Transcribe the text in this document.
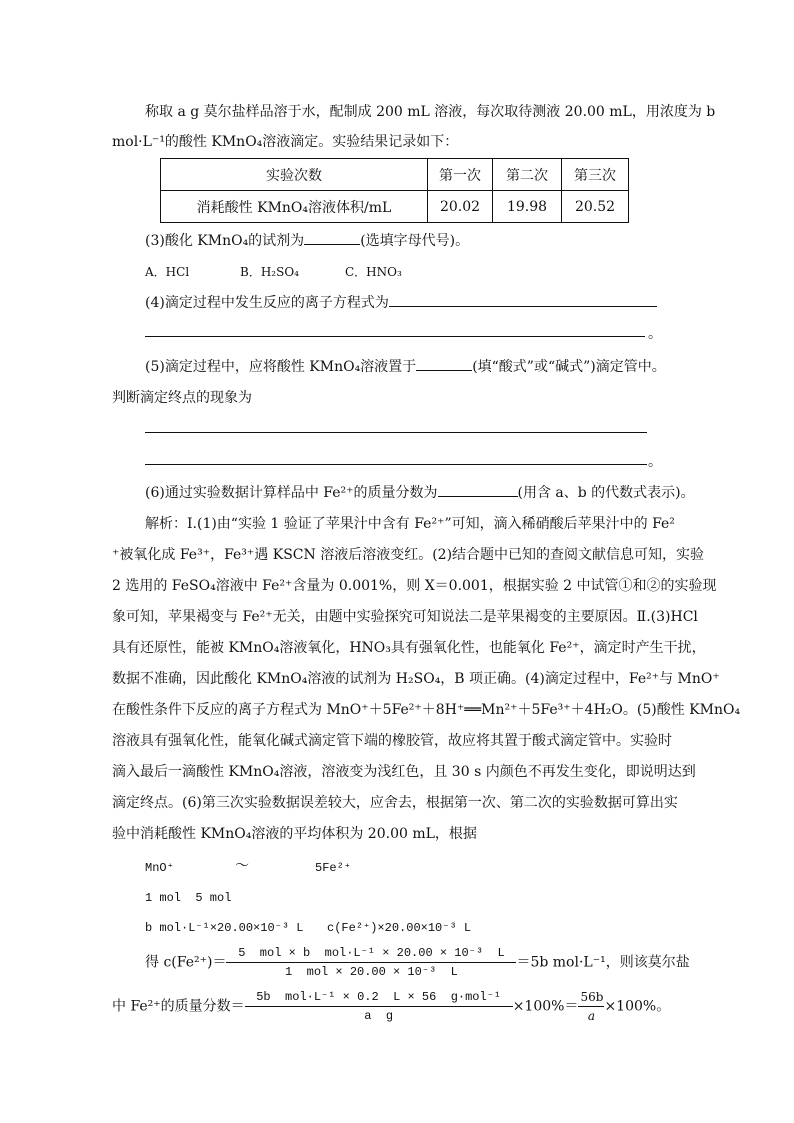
称取 a g 莫尔盐样品溶于水，配制成 200 mL 溶液，每次取待测液 20.00 mL，用浓度为 b
mol·L⁻¹的酸性 KMnO₄溶液滴定。实验结果记录如下：
实验次数	第一次	第二次	第三次
消耗酸性 KMnO₄溶液体积/mL	20.02	19.98	20.52
(3)酸化 KMnO₄的试剂为	(选填字母代号)。
A．HCl	B．H₂SO₄	C．HNO₃
(4)滴定过程中发生反应的离子方程式为
。
(5)滴定过程中，应将酸性 KMnO₄溶液置于	(填“酸式”或“碱式”)滴定管中。
判断滴定终点的现象为
。
(6)通过实验数据计算样品中 Fe²⁺的质量分数为	(用含 a、b 的代数式表示)。
解析：Ⅰ.(1)由“实验 1 验证了苹果汁中含有 Fe²⁺”可知，滴入稀硝酸后苹果汁中的 Fe²
⁺被氧化成 Fe³⁺，Fe³⁺遇 KSCN 溶液后溶液变红。(2)结合题中已知的查阅文献信息可知，实验
2 选用的 FeSO₄溶液中 Fe²⁺含量为 0.001%，则 X＝0.001，根据实验 2 中试管①和②的实验现
象可知，苹果褐变与 Fe²⁺无关，由题中实验探究可知说法二是苹果褐变的主要原因。Ⅱ.(3)HCl
具有还原性，能被 KMnO₄溶液氧化，HNO₃具有强氧化性，也能氧化 Fe²⁺，滴定时产生干扰，
数据不准确，因此酸化 KMnO₄溶液的试剂为 H₂SO₄，B 项正确。(4)滴定过程中，Fe²⁺与 MnO⁺
在酸性条件下反应的离子方程式为 MnO⁺＋5Fe²⁺＋8H⁺══Mn²⁺＋5Fe³⁺＋4H₂O。(5)酸性 KMnO₄
溶液具有强氧化性，能氧化碱式滴定管下端的橡胶管，故应将其置于酸式滴定管中。实验时
滴入最后一滴酸性 KMnO₄溶液，溶液变为浅红色，且 30 s 内颜色不再发生变化，即说明达到
滴定终点。(6)第三次实验数据误差较大，应舍去，根据第一次、第二次的实验数据可算出实
验中消耗酸性 KMnO₄溶液的平均体积为 20.00 mL，根据
MnO⁺	～	5Fe²⁺
1 mol  5 mol
b mol·L⁻¹×20.00×10⁻³ L c(Fe²⁺)×20.00×10⁻³ L
得 $c(Fe^{2+})= \frac{\text{5  mol × b  mol·L⁻¹ × 20.00 × 10⁻³  L}}{\text{1  mol × 20.00 × 10⁻³  L}} =5b$ mol·L⁻¹，则该莫尔盐
中 Fe²⁺的质量分数＝ $\frac{\text{5b  mol·L⁻¹ × 0.2  L × 56  g·mol⁻¹}}{\text{a  g}} \times 100\%= \frac{56b}{a} \times 100\%$。
